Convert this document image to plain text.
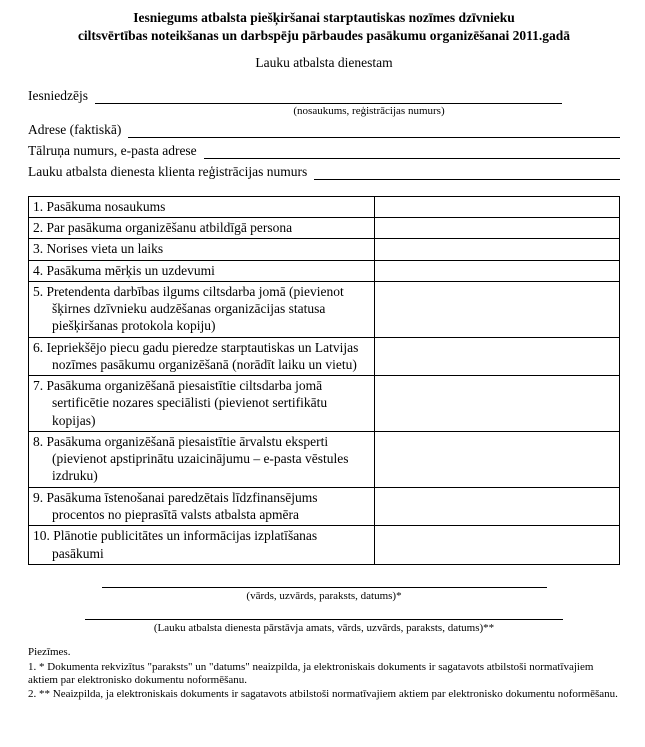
Iesniegums atbalsta piešķiršanai starptautiskas nozīmes dzīvnieku
ciltsvērtības noteikšanas un darbspēju pārbaudes pasākumu organizēšanai 2011.gadā
Lauku atbalsta dienestam
Iesniedzējs
(nosaukums, reģistrācijas numurs)
Adrese (faktiskā)
Tālruņa numurs, e-pasta adrese
Lauku atbalsta dienesta klienta reģistrācijas numurs
1. Pasākuma nosaukums	
2. Par pasākuma organizēšanu atbildīgā persona	
3. Norises vieta un laiks	
4. Pasākuma mērķis un uzdevumi	
5. Pretendenta darbības ilgums ciltsdarba jomā (pievienot šķirnes dzīvnieku audzēšanas organizācijas statusa piešķiršanas protokola kopiju)	
6. Iepriekšējo piecu gadu pieredze starptautiskas un Latvijas nozīmes pasākumu organizēšanā (norādīt laiku un vietu)	
7. Pasākuma organizēšanā piesaistītie ciltsdarba jomā sertificētie nozares speciālisti (pievienot sertifikātu kopijas)	
8. Pasākuma organizēšanā piesaistītie ārvalstu eksperti (pievienot apstiprinātu uzaicinājumu – e-pasta vēstules izdruku)	
9. Pasākuma īstenošanai paredzētais līdzfinansējums procentos no pieprasītā valsts atbalsta apmēra	
10. Plānotie publicitātes un informācijas izplatīšanas pasākumi	
(vārds, uzvārds, paraksts, datums)*
(Lauku atbalsta dienesta pārstāvja amats, vārds, uzvārds, paraksts, datums)**
Piezīmes.
1. * Dokumenta rekvizītus "paraksts" un "datums" neaizpilda, ja elektroniskais dokuments ir sagatavots atbilstoši normatīvajiem aktiem par elektronisko dokumentu noformēšanu.
2. ** Neaizpilda, ja elektroniskais dokuments ir sagatavots atbilstoši normatīvajiem aktiem par elektronisko dokumentu noformēšanu.
